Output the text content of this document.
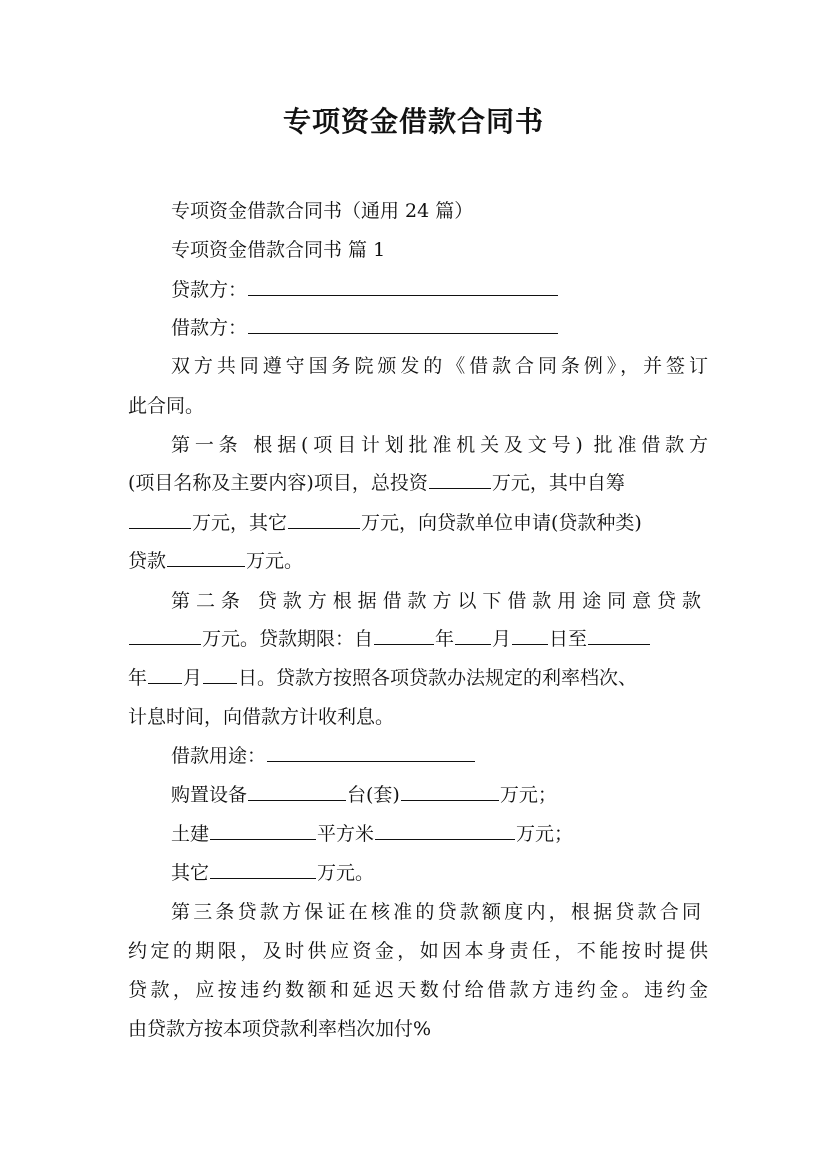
专项资金借款合同书
专项资金借款合同书（通用 24 篇）
专项资金借款合同书 篇 1
贷款方：
借款方：
双方共同遵守国务院颁发的《借款合同条例》，并签订
此合同。
第一条 根据(项目计划批准机关及文号) 批准借款方
(项目名称及主要内容)项目，总投资	万元，其中自筹
万元，其它	万元，向贷款单位申请(贷款种类)
贷款	万元。
第二条 贷款方根据借款方以下借款用途同意贷款
万元。贷款期限：自	年 月 日至
年 月 日。贷款方按照各项贷款办法规定的利率档次、
计息时间，向借款方计收利息。
借款用途：
购置设备	台(套)	万元；
土建	平方米	万元；
其它	万元。
第三条贷款方保证在核准的贷款额度内，根据贷款合同
约定的期限，及时供应资金，如因本身责任，不能按时提供
贷款，应按违约数额和延迟天数付给借款方违约金。违约金
由贷款方按本项贷款利率档次加付%
